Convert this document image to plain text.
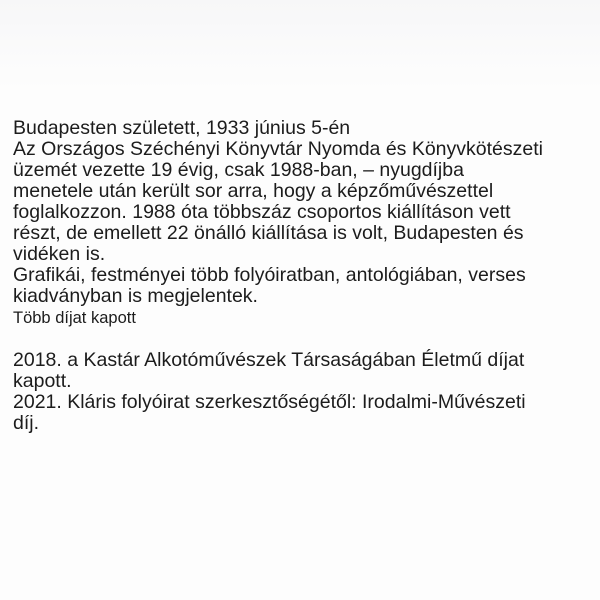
Budapesten született, 1933 június 5-én
Az Országos Széchényi Könyvtár Nyomda és Könyvkötészeti
üzemét vezette 19 évig, csak 1988-ban, – nyugdíjba
menetele után került sor arra, hogy a képzőművészettel
foglalkozzon. 1988 óta többszáz csoportos kiállításon vett
részt, de emellett 22 önálló kiállítása is volt, Budapesten és
vidéken is.
Grafikái, festményei több folyóiratban, antológiában, verses
kiadványban is megjelentek.
Több díjat kapott
2018. a Kastár Alkotóművészek Társaságában Életmű díjat
kapott.
2021. Kláris folyóirat szerkesztőségétől: Irodalmi-Művészeti
díj.
